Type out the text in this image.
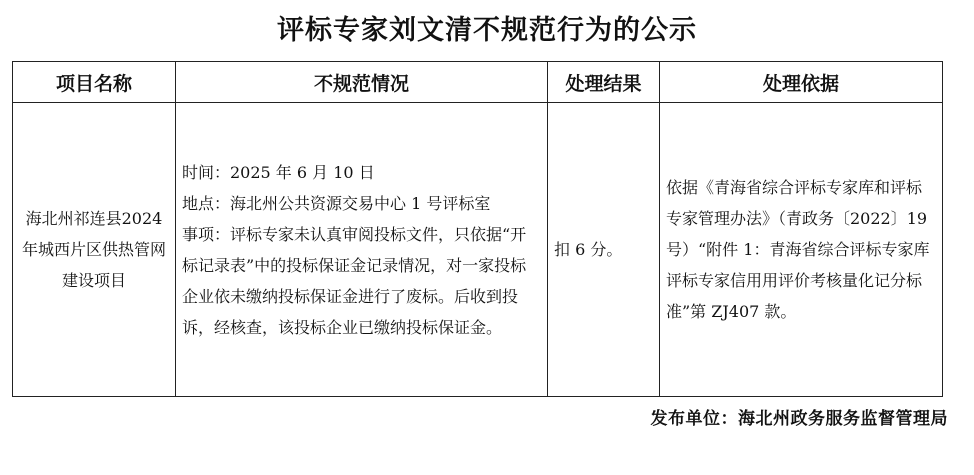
评标专家刘文清不规范行为的公示
项目名称	不规范情况	处理结果	处理依据
海北州祁连县2024年城西片区供热管网建设项目	时间：2025 年 6 月 10 日
地点：海北州公共资源交易中心 1 号评标室
事项：评标专家未认真审阅投标文件，只依据“开标记录表”中的投标保证金记录情况，对一家投标企业依未缴纳投标保证金进行了废标。后收到投诉，经核查，该投标企业已缴纳投标保证金。	扣 6 分。	依据《青海省综合评标专家库和评标专家管理办法》（青政务〔2022〕19 号）“附件 1：青海省综合评标专家库评标专家信用用评价考核量化记分标准”第 ZJ407 款。
发布单位：海北州政务服务监督管理局
